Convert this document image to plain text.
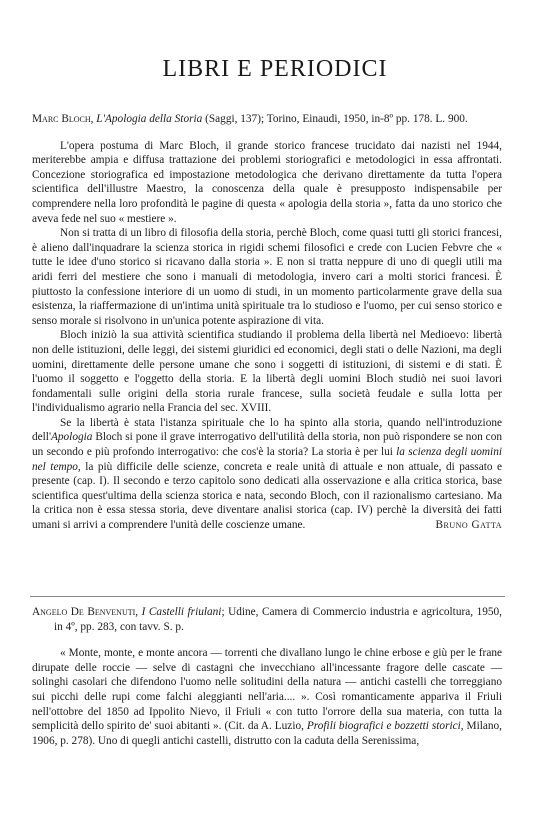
LIBRI E PERIODICI

Marc Bloch, L'Apologia della Storia (Saggi, 137); Torino, Einaudi, 1950, in-8º pp. 178. L. 900.

L'opera postuma di Marc Bloch, il grande storico francese trucidato dai nazisti nel 1944, meriterebbe ampia e diffusa trattazione dei problemi storiografici e metodologici in essa affrontati. Concezione storiografica ed impostazione metodologica che derivano direttamente da tutta l'opera scientifica dell'illustre Maestro, la conoscenza della quale è presupposto indispensabile per comprendere nella loro profondità le pagine di questa « apologia della storia », fatta da uno storico che aveva fede nel suo « mestiere ».

Non si tratta di un libro di filosofia della storia, perchè Bloch, come quasi tutti gli storici francesi, è alieno dall'inquadrare la scienza storica in rigidi schemi filosofici e crede con Lucien Febvre che « tutte le idee d'uno storico si ricavano dalla storia ». E non si tratta neppure di uno di quegli utili ma aridi ferri del mestiere che sono i manuali di metodologia, invero cari a molti storici francesi. È piuttosto la confessione interiore di un uomo di studi, in un momento particolarmente grave della sua esistenza, la riaffermazione di un'intima unità spirituale tra lo studioso e l'uomo, per cui senso storico e senso morale si risolvono in un'unica potente aspirazione di vita.

Bloch iniziò la sua attività scientifica studiando il problema della libertà nel Medioevo: libertà non delle istituzioni, delle leggi, dei sistemi giuridici ed economici, degli stati o delle Nazioni, ma degli uomini, direttamente delle persone umane che sono i soggetti di istituzioni, di sistemi e di stati. È l'uomo il soggetto e l'oggetto della storia. E la libertà degli uomini Bloch studiò nei suoi lavori fondamentali sulle origini della storia rurale francese, sulla società feudale e sulla lotta per l'individualismo agrario nella Francia del sec. XVIII.

Se la libertà è stata l'istanza spirituale che lo ha spinto alla storia, quando nell'introduzione dell'Apologia Bloch si pone il grave interrogativo dell'utilità della storia, non può rispondere se non con un secondo e più profondo interrogativo: che cos'è la storia? La storia è per lui la scienza degli uomini nel tempo, la più difficile delle scienze, concreta e reale unità di attuale e non attuale, di passato e presente (cap. I). Il secondo e terzo capitolo sono dedicati alla osservazione e alla critica storica, base scientifica quest'ultima della scienza storica e nata, secondo Bloch, con il razionalismo cartesiano. Ma la critica non è essa stessa storia, deve diventare analisi storica (cap. IV) perchè la diversità dei fatti umani si arrivi a comprendere l'unità delle coscienze umane.	Bruno Gatta

Angelo De Benvenuti, I Castelli friulani; Udine, Camera di Commercio industria e agricoltura, 1950, in 4º, pp. 283, con tavv. S. p.

« Monte, monte, e monte ancora — torrenti che divallano lungo le chine erbose e giù per le frane dirupate delle roccie — selve di castagni che invecchiano all'incessante fragore delle cascate — solinghi casolari che difendono l'uomo nelle solitudini della natura — antichi castelli che torreggiano sui picchi delle rupi come falchi aleggianti nell'aria.... ». Così romanticamente appariva il Friuli nell'ottobre del 1850 ad Ippolito Nievo, il Friuli « con tutto l'orrore della sua materia, con tutta la semplicità dello spirito de' suoi abitanti ». (Cit. da A. Luzio, Profili biografici e bozzetti storici, Milano, 1906, p. 278). Uno di quegli antichi castelli, distrutto con la caduta della Serenissima,
